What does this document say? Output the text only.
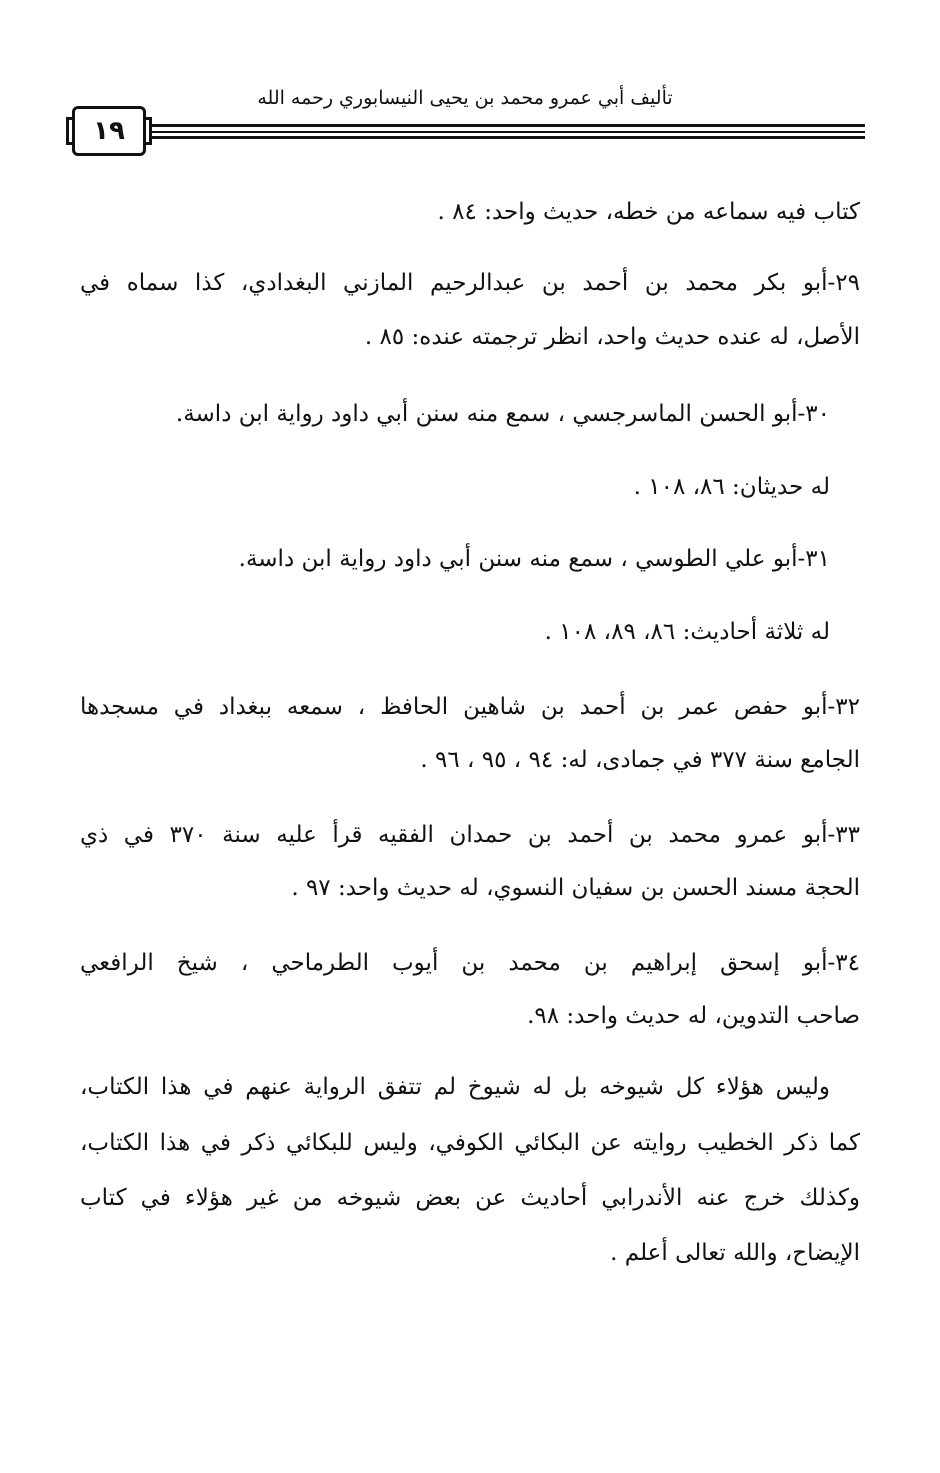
تأليف أبي عمرو محمد بن يحيى النيسابوري رحمه الله
١٩
كتاب فيه سماعه من خطه، حديث واحد: ٨٤ .
٢٩-أبو بكر محمد بن أحمد بن عبدالرحيم المازني البغدادي، كذا سماه في
الأصل، له عنده حديث واحد، انظر ترجمته عنده: ٨٥ .
٣٠-أبو الحسن الماسرجسي ، سمع منه سنن أبي داود رواية ابن داسة.
له حديثان: ٨٦، ١٠٨ .
٣١-أبو علي الطوسي ، سمع منه سنن أبي داود رواية ابن داسة.
له ثلاثة أحاديث: ٨٦، ٨٩، ١٠٨ .
٣٢-أبو حفص عمر بن أحمد بن شاهين الحافظ ، سمعه ببغداد في مسجدها
الجامع سنة ٣٧٧ في جمادى، له: ٩٤ ، ٩٥ ، ٩٦ .
٣٣-أبو عمرو محمد بن أحمد بن حمدان الفقيه قرأ عليه سنة ٣٧٠ في ذي
الحجة مسند الحسن بن سفيان النسوي، له حديث واحد: ٩٧ .
٣٤-أبو إسحق إبراهيم بن محمد بن أيوب الطرماحي ، شيخ الرافعي
صاحب التدوين، له حديث واحد: ٩٨.
وليس هؤلاء كل شيوخه بل له شيوخ لم تتفق الرواية عنهم في هذا الكتاب،
كما ذكر الخطيب روايته عن البكائي الكوفي، وليس للبكائي ذكر في هذا الكتاب،
وكذلك خرج عنه الأندرابي أحاديث عن بعض شيوخه من غير هؤلاء في كتاب
الإيضاح، والله تعالى أعلم .
